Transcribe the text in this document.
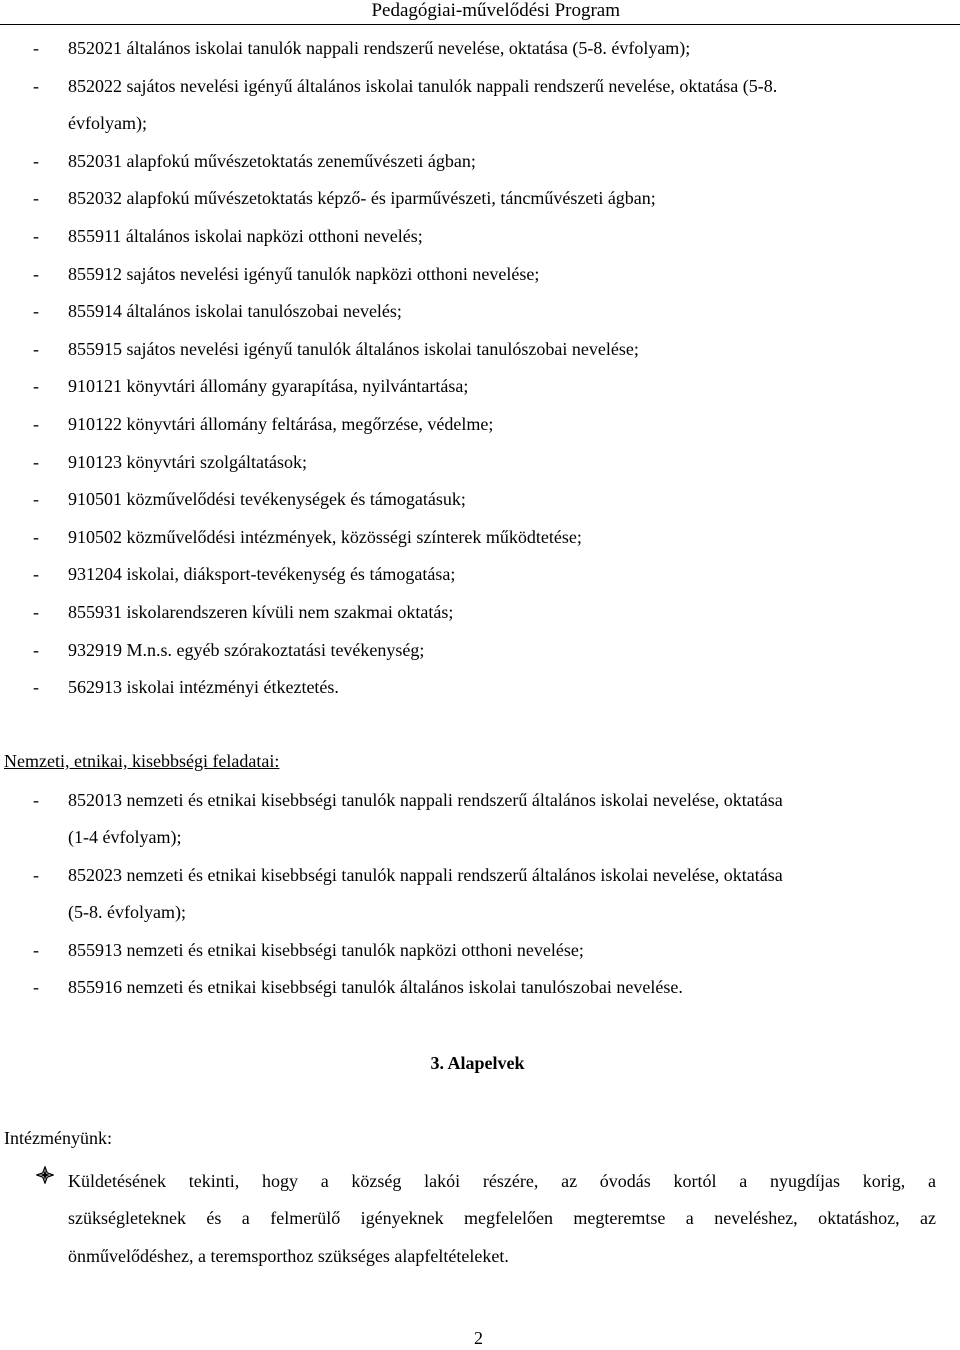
Pedagógiai-művelődési Program
- 852021 általános iskolai tanulók nappali rendszerű nevelése, oktatása (5-8. évfolyam);
- 852022 sajátos nevelési igényű általános iskolai tanulók nappali rendszerű nevelése, oktatása (5-8.
évfolyam);
- 852031 alapfokú művészetoktatás zeneművészeti ágban;
- 852032 alapfokú művészetoktatás képző- és iparművészeti, táncművészeti ágban;
- 855911 általános iskolai napközi otthoni nevelés;
- 855912 sajátos nevelési igényű tanulók napközi otthoni nevelése;
- 855914 általános iskolai tanulószobai nevelés;
- 855915 sajátos nevelési igényű tanulók általános iskolai tanulószobai nevelése;
- 910121 könyvtári állomány gyarapítása, nyilvántartása;
- 910122 könyvtári állomány feltárása, megőrzése, védelme;
- 910123 könyvtári szolgáltatások;
- 910501 közművelődési tevékenységek és támogatásuk;
- 910502 közművelődési intézmények, közösségi színterek működtetése;
- 931204 iskolai, diáksport-tevékenység és támogatása;
- 855931 iskolarendszeren kívüli nem szakmai oktatás;
- 932919 M.n.s. egyéb szórakoztatási tevékenység;
- 562913 iskolai intézményi étkeztetés.
Nemzeti, etnikai, kisebbségi feladatai:
- 852013 nemzeti és etnikai kisebbségi tanulók nappali rendszerű általános iskolai nevelése, oktatása
(1-4 évfolyam);
- 852023 nemzeti és etnikai kisebbségi tanulók nappali rendszerű általános iskolai nevelése, oktatása
(5-8. évfolyam);
- 855913 nemzeti és etnikai kisebbségi tanulók napközi otthoni nevelése;
- 855916 nemzeti és etnikai kisebbségi tanulók általános iskolai tanulószobai nevelése.
3. Alapelvek
Intézményünk:

Küldetésének tekinti, hogy a község lakói részére, az óvodás kortól a nyugdíjas korig, a

szükségleteknek és a felmerülő igényeknek megfelelően megteremtse a neveléshez, oktatáshoz, az

önművelődéshez, a teremsporthoz szükséges alapfeltételeket.

2
